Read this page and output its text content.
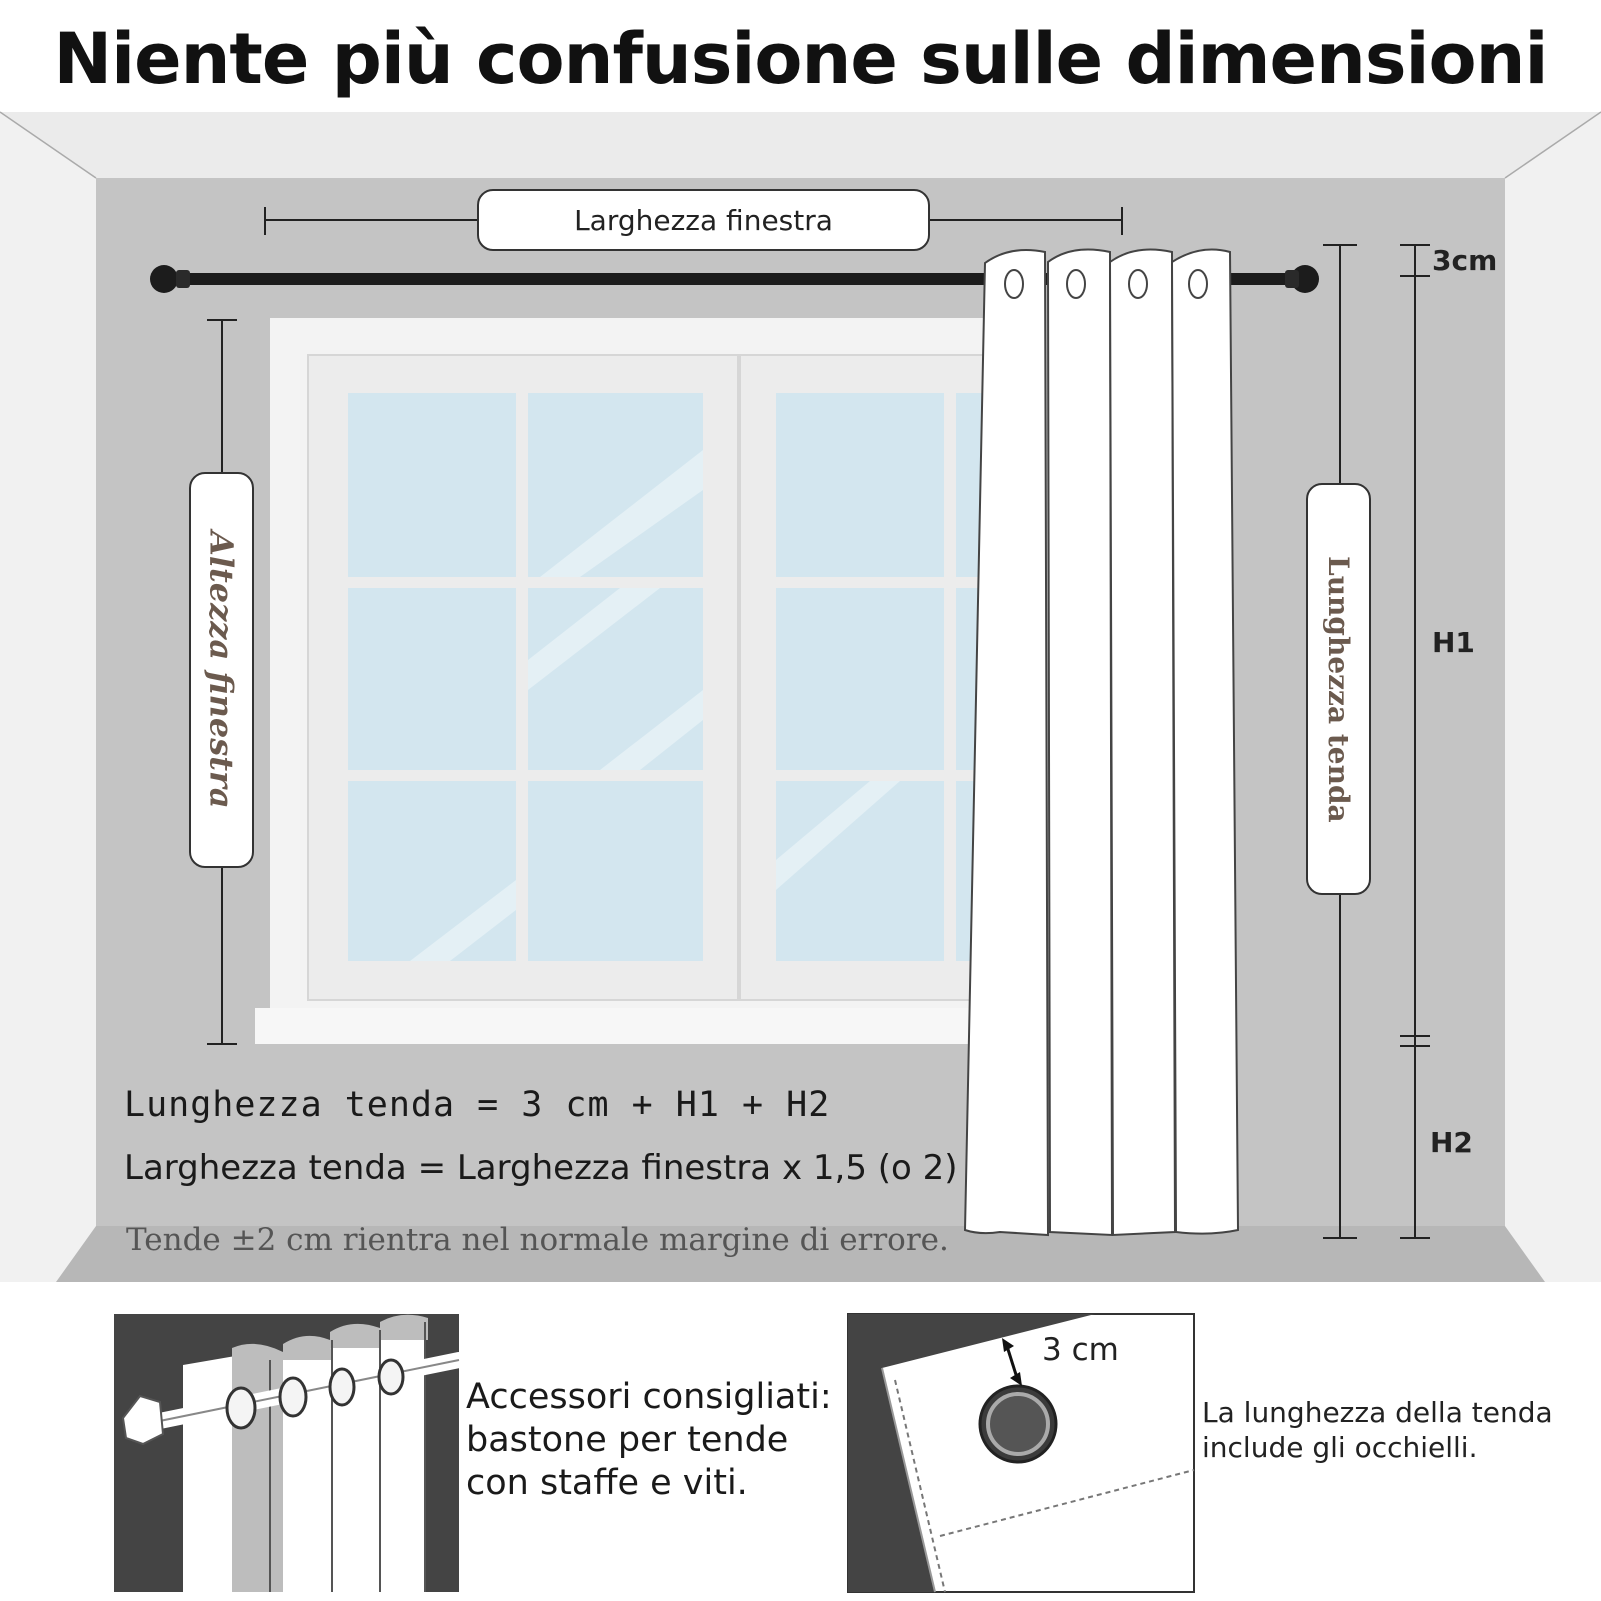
Niente più confusione sulle dimensioni
Larghezza finestra
Altezza finestra	Lunghezza tenda
3cm
H1
H2
Lunghezza tenda = 3 cm + H1 + H2
Larghezza tenda = Larghezza finestra x 1,5 (o 2)
Tende ±2 cm rientra nel normale margine di errore.
Accessori consigliati: bastone per tende con staffe e viti.
3 cm
La lunghezza della tenda include gli occhielli.
